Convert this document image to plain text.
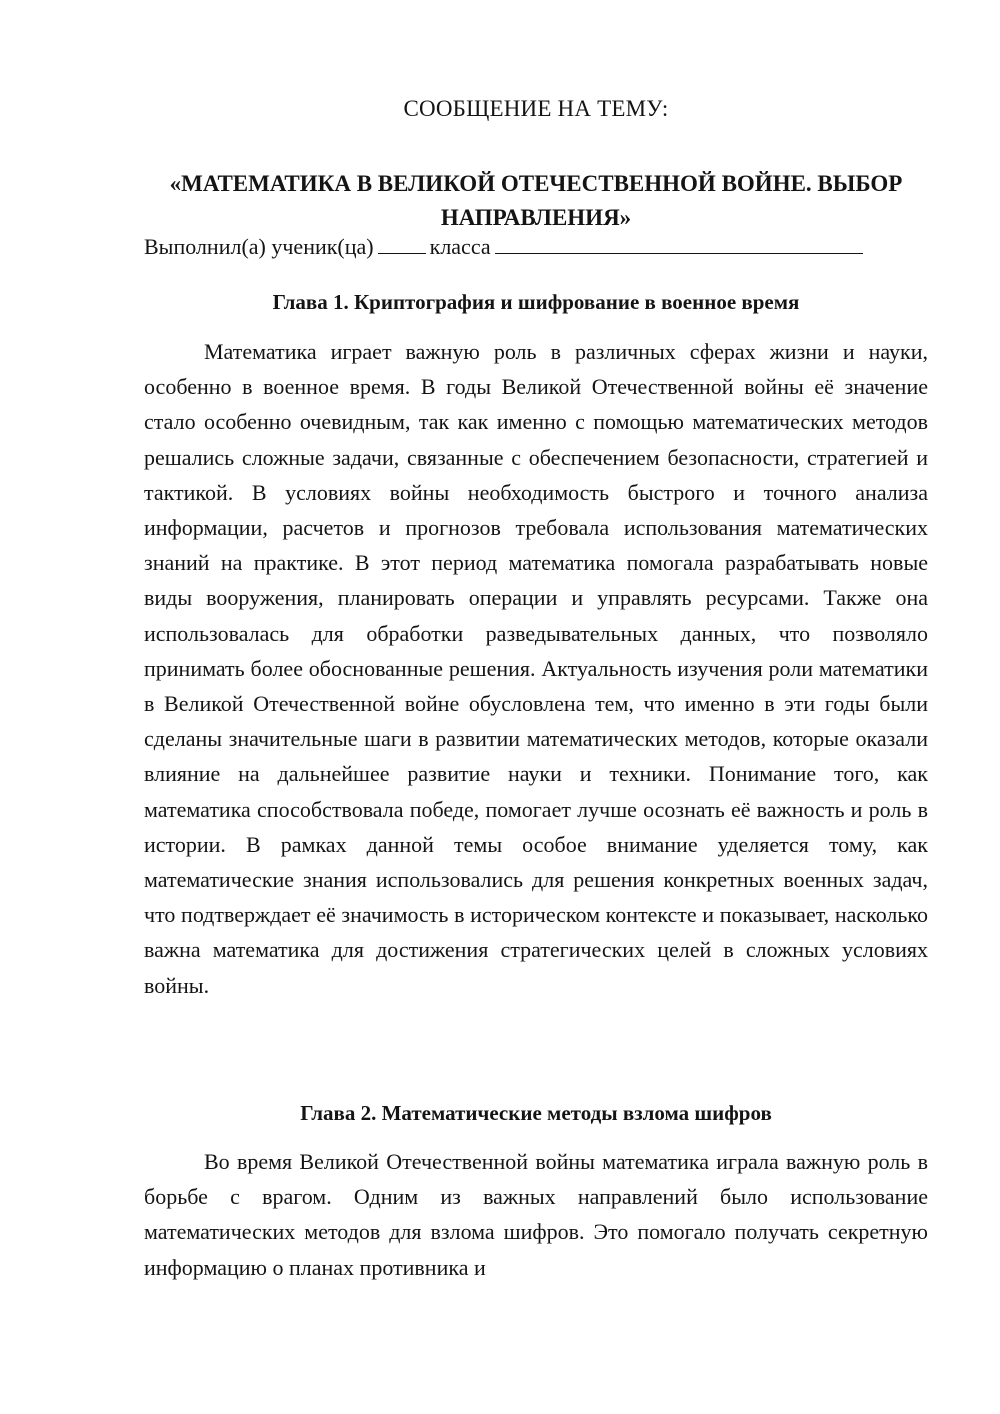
СООБЩЕНИЕ НА ТЕМУ:

«МАТЕМАТИКА В ВЕЛИКОЙ ОТЕЧЕСТВЕННОЙ ВОЙНЕ. ВЫБОР НАПРАВЛЕНИЯ»

Выполнил(а) ученик(ца)	класса
Глава 1. Криптография и шифрование в военное время

Математика играет важную роль в различных сферах жизни и науки, особенно в военное время. В годы Великой Отечественной войны её значение стало особенно очевидным, так как именно с помощью математических методов решались сложные задачи, связанные с обеспечением безопасности, стратегией и тактикой. В условиях войны необходимость быстрого и точного анализа информации, расчетов и прогнозов требовала использования математических знаний на практике. В этот период математика помогала разрабатывать новые виды вооружения, планировать операции и управлять ресурсами. Также она использовалась для обработки разведывательных данных, что позволяло принимать более обоснованные решения. Актуальность изучения роли математики в Великой Отечественной войне обусловлена тем, что именно в эти годы были сделаны значительные шаги в развитии математических методов, которые оказали влияние на дальнейшее развитие науки и техники. Понимание того, как математика способствовала победе, помогает лучше осознать её важность и роль в истории. В рамках данной темы особое внимание уделяется тому, как математические знания использовались для решения конкретных военных задач, что подтверждает её значимость в историческом контексте и показывает, насколько важна математика для достижения стратегических целей в сложных условиях войны.

Глава 2. Математические методы взлома шифров

Во время Великой Отечественной войны математика играла важную роль в борьбе с врагом. Одним из важных направлений было использование математических методов для взлома шифров. Это помогало получать секретную информацию о планах противника и
